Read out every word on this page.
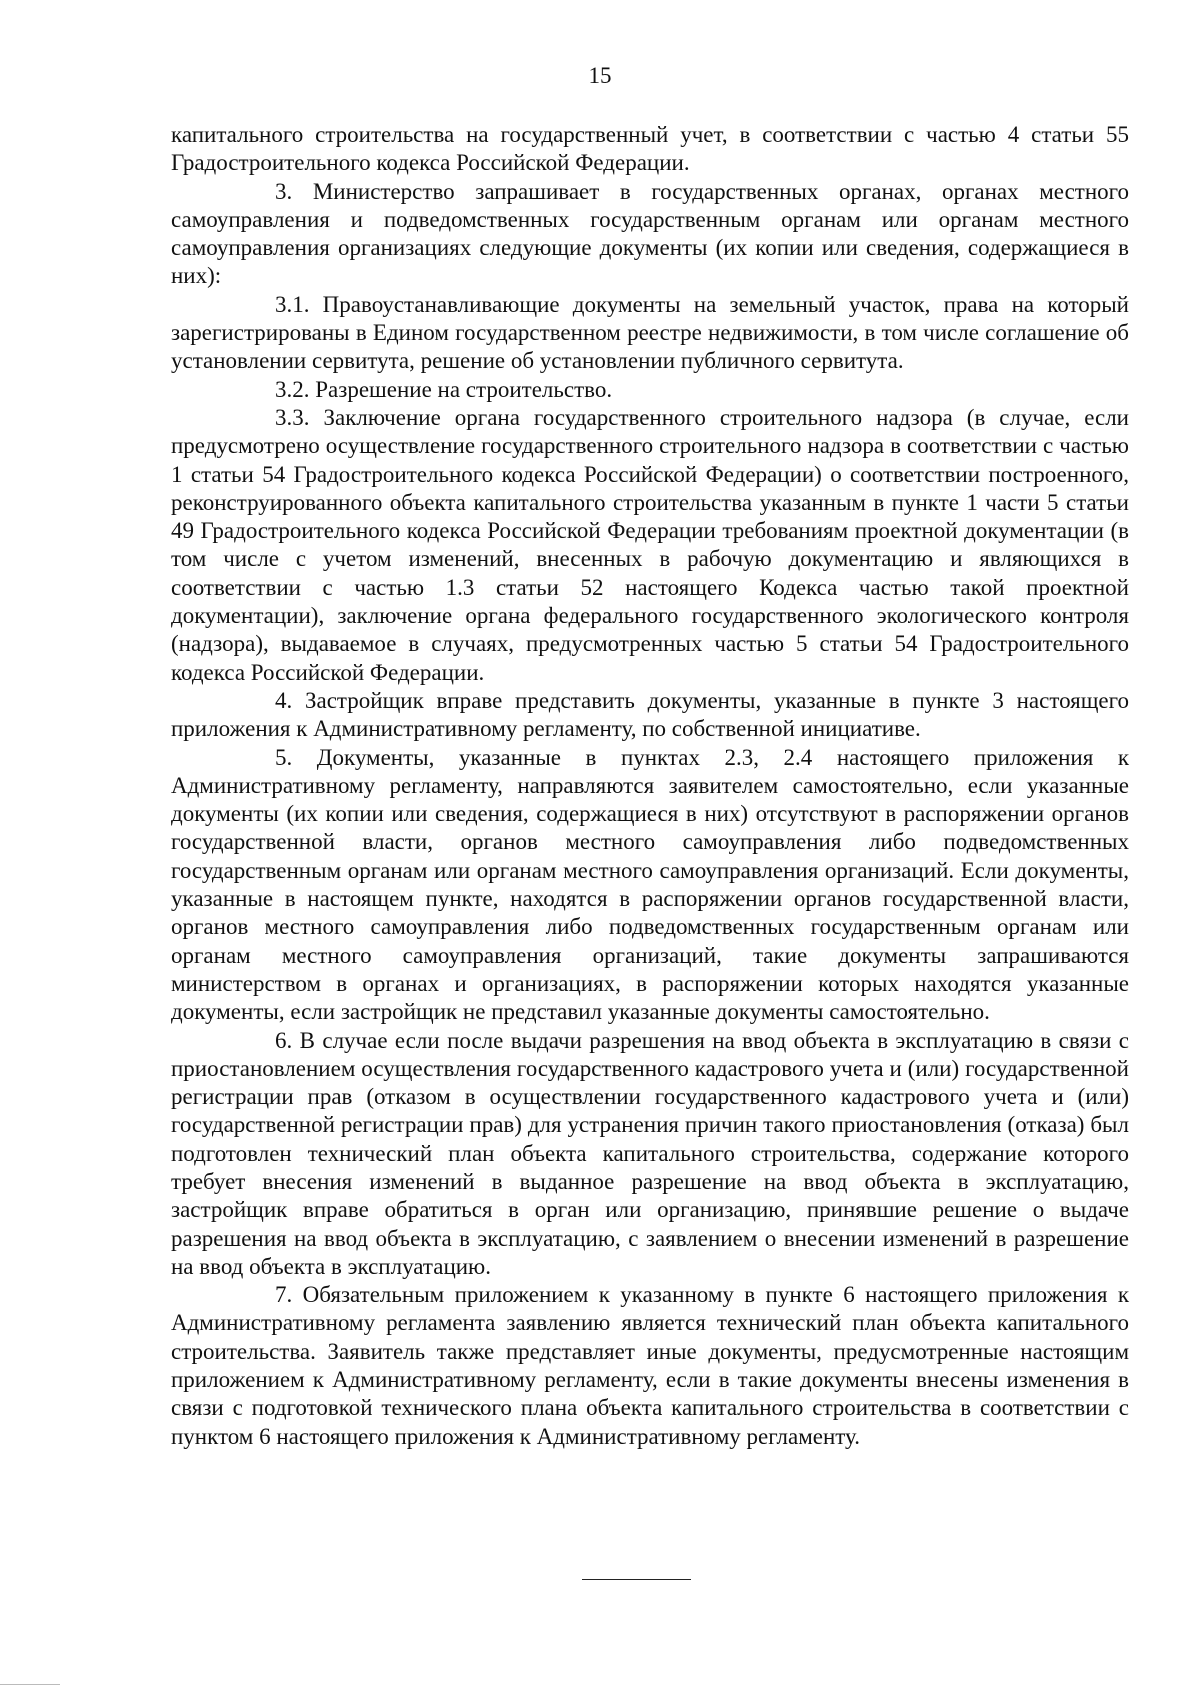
15

капитального строительства на государственный учет, в соответствии с частью 4 статьи 55 Градостроительного кодекса Российской Федерации.

3. Министерство запрашивает в государственных органах, органах местного самоуправления и подведомственных государственным органам или органам местного самоуправления организациях следующие документы (их копии или сведения, содержащиеся в них):

3.1. Правоустанавливающие документы на земельный участок, права на который зарегистрированы в Едином государственном реестре недвижимости, в том числе соглашение об установлении сервитута, решение об установлении публичного сервитута.

3.2. Разрешение на строительство.

3.3. Заключение органа государственного строительного надзора (в случае, если предусмотрено осуществление государственного строительного надзора в соответствии с частью 1 статьи 54 Градостроительного кодекса Российской Федерации) о соответствии построенного, реконструированного объекта капитального строительства указанным в пункте 1 части 5 статьи 49 Градостроительного кодекса Российской Федерации требованиям проектной документации (в том числе с учетом изменений, внесенных в рабочую документацию и являющихся в соответствии с частью 1.3 статьи 52 настоящего Кодекса частью такой проектной документации), заключение органа федерального государственного экологического контроля (надзора), выдаваемое в случаях, предусмотренных частью 5 статьи 54 Градостроительного кодекса Российской Федерации.

4. Застройщик вправе представить документы, указанные в пункте 3 настоящего приложения к Административному регламенту, по собственной инициативе.

5. Документы, указанные в пунктах 2.3, 2.4 настоящего приложения к Административному регламенту, направляются заявителем самостоятельно, если указанные документы (их копии или сведения, содержащиеся в них) отсутствуют в распоряжении органов государственной власти, органов местного самоуправления либо подведомственных государственным органам или органам местного самоуправления организаций. Если документы, указанные в настоящем пункте, находятся в распоряжении органов государственной власти, органов местного самоуправления либо подведомственных государственным органам или органам местного самоуправления организаций, такие документы запрашиваются министерством в органах и организациях, в распоряжении которых находятся указанные документы, если застройщик не представил указанные документы самостоятельно.

6. В случае если после выдачи разрешения на ввод объекта в эксплуатацию в связи с приостановлением осуществления государственного кадастрового учета и (или) государственной регистрации прав (отказом в осуществлении государственного кадастрового учета и (или) государственной регистрации прав) для устранения причин такого приостановления (отказа) был подготовлен технический план объекта капитального строительства, содержание которого требует внесения изменений в выданное разрешение на ввод объекта в эксплуатацию, застройщик вправе обратиться в орган или организацию, принявшие решение о выдаче разрешения на ввод объекта в эксплуатацию, с заявлением о внесении изменений в разрешение на ввод объекта в эксплуатацию.

7. Обязательным приложением к указанному в пункте 6 настоящего приложения к Административному регламента заявлению является технический план объекта капитального строительства. Заявитель также представляет иные документы, предусмотренные настоящим приложением к Административному регламенту, если в такие документы внесены изменения в связи с подготовкой технического плана объекта капитального строительства в соответствии с пунктом 6 настоящего приложения к Административному регламенту.
